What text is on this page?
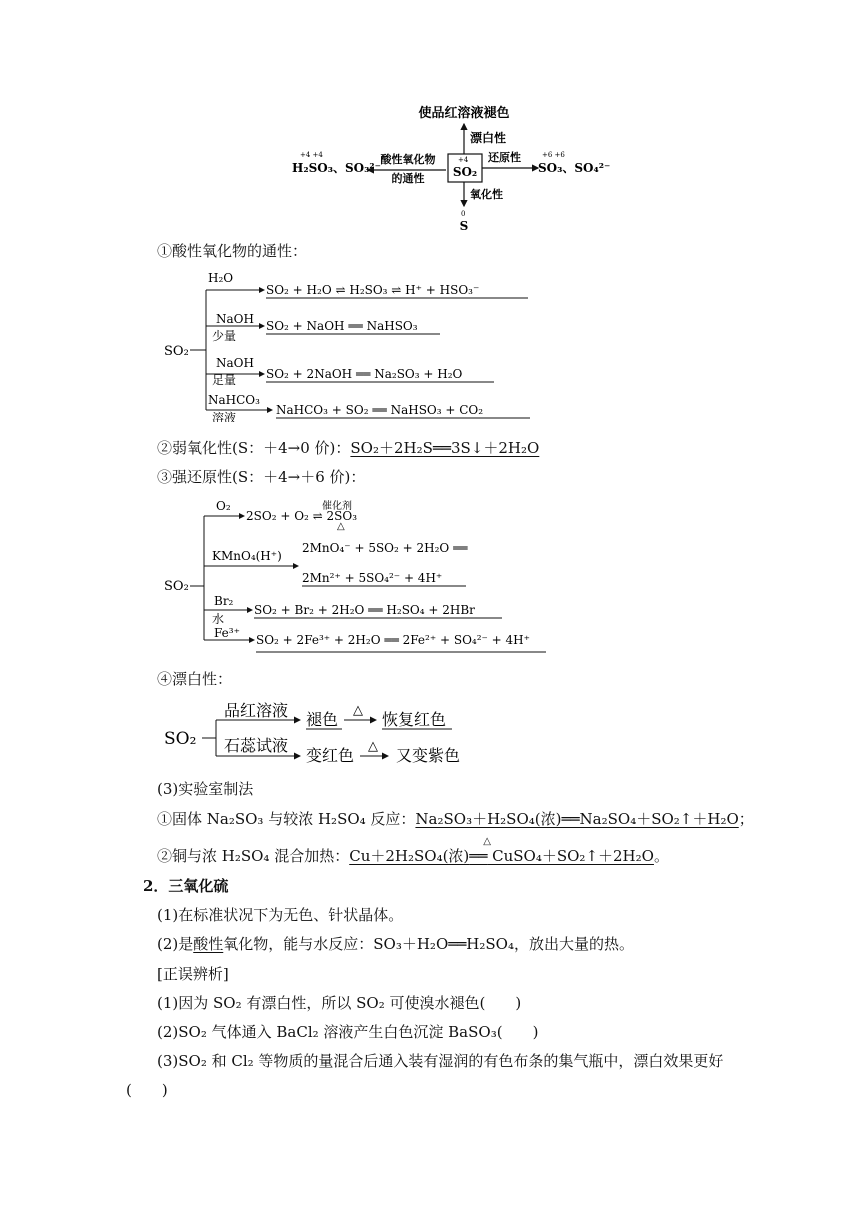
使品红溶液褪色
漂白性
+4
SO₂
酸性氧化物
的通性
+4 +4
H₂SO₃、SO₃²⁻
还原性	+6 +6
SO₃、SO₄²⁻
氧化性
0
S
①酸性氧化物的通性：
SO₂
H₂O
SO₂ + H₂O ⇌ H₂SO₃ ⇌ H⁺ + HSO₃⁻
NaOH
少量
SO₂ + NaOH ══ NaHSO₃
NaOH
足量 SO₂ + 2NaOH ══ Na₂SO₃ + H₂O
NaHCO₃
溶液
NaHCO₃ + SO₂ ══ NaHSO₃ + CO₂
②弱氧化性(S：＋4→0 价)：SO₂＋2H₂S══3S↓＋2H₂O
③强还原性(S：＋4→＋6 价)：
SO₂
O₂
2SO₂ + O₂ ⇌ 2SO₃
催化剂
△
KMnO₄(H⁺)
2MnO₄⁻ + 5SO₂ + 2H₂O ══
2Mn²⁺ + 5SO₄²⁻ + 4H⁺
Br₂
水
SO₂ + Br₂ + 2H₂O ══ H₂SO₄ + 2HBr
Fe³⁺ SO₂ + 2Fe³⁺ + 2H₂O ══ 2Fe²⁺ + SO₄²⁻ + 4H⁺
④漂白性：
SO₂
品红溶液 褪色 △ 恢复红色
石蕊试液
变红色 △ 又变紫色
(3)实验室制法
①固体 Na₂SO₃ 与较浓 H₂SO₄ 反应：Na₂SO₃＋H₂SO₄(浓)══Na₂SO₄＋SO₂↑＋H₂O；
②铜与浓 H₂SO₄ 混合加热：Cu＋2H₂SO₄(浓)
△
══ CuSO₄＋SO₂↑＋2H₂O。
2．三氧化硫
(1)在标准状况下为无色、针状晶体。
(2)是酸性氧化物，能与水反应：SO₃＋H₂O══H₂SO₄，放出大量的热。
[正误辨析]
(1)因为 SO₂ 有漂白性，所以 SO₂ 可使溴水褪色(　　)
(2)SO₂ 气体通入 BaCl₂ 溶液产生白色沉淀 BaSO₃(　　)
(3)SO₂ 和 Cl₂ 等物质的量混合后通入装有湿润的有色布条的集气瓶中，漂白效果更好
(　　)
